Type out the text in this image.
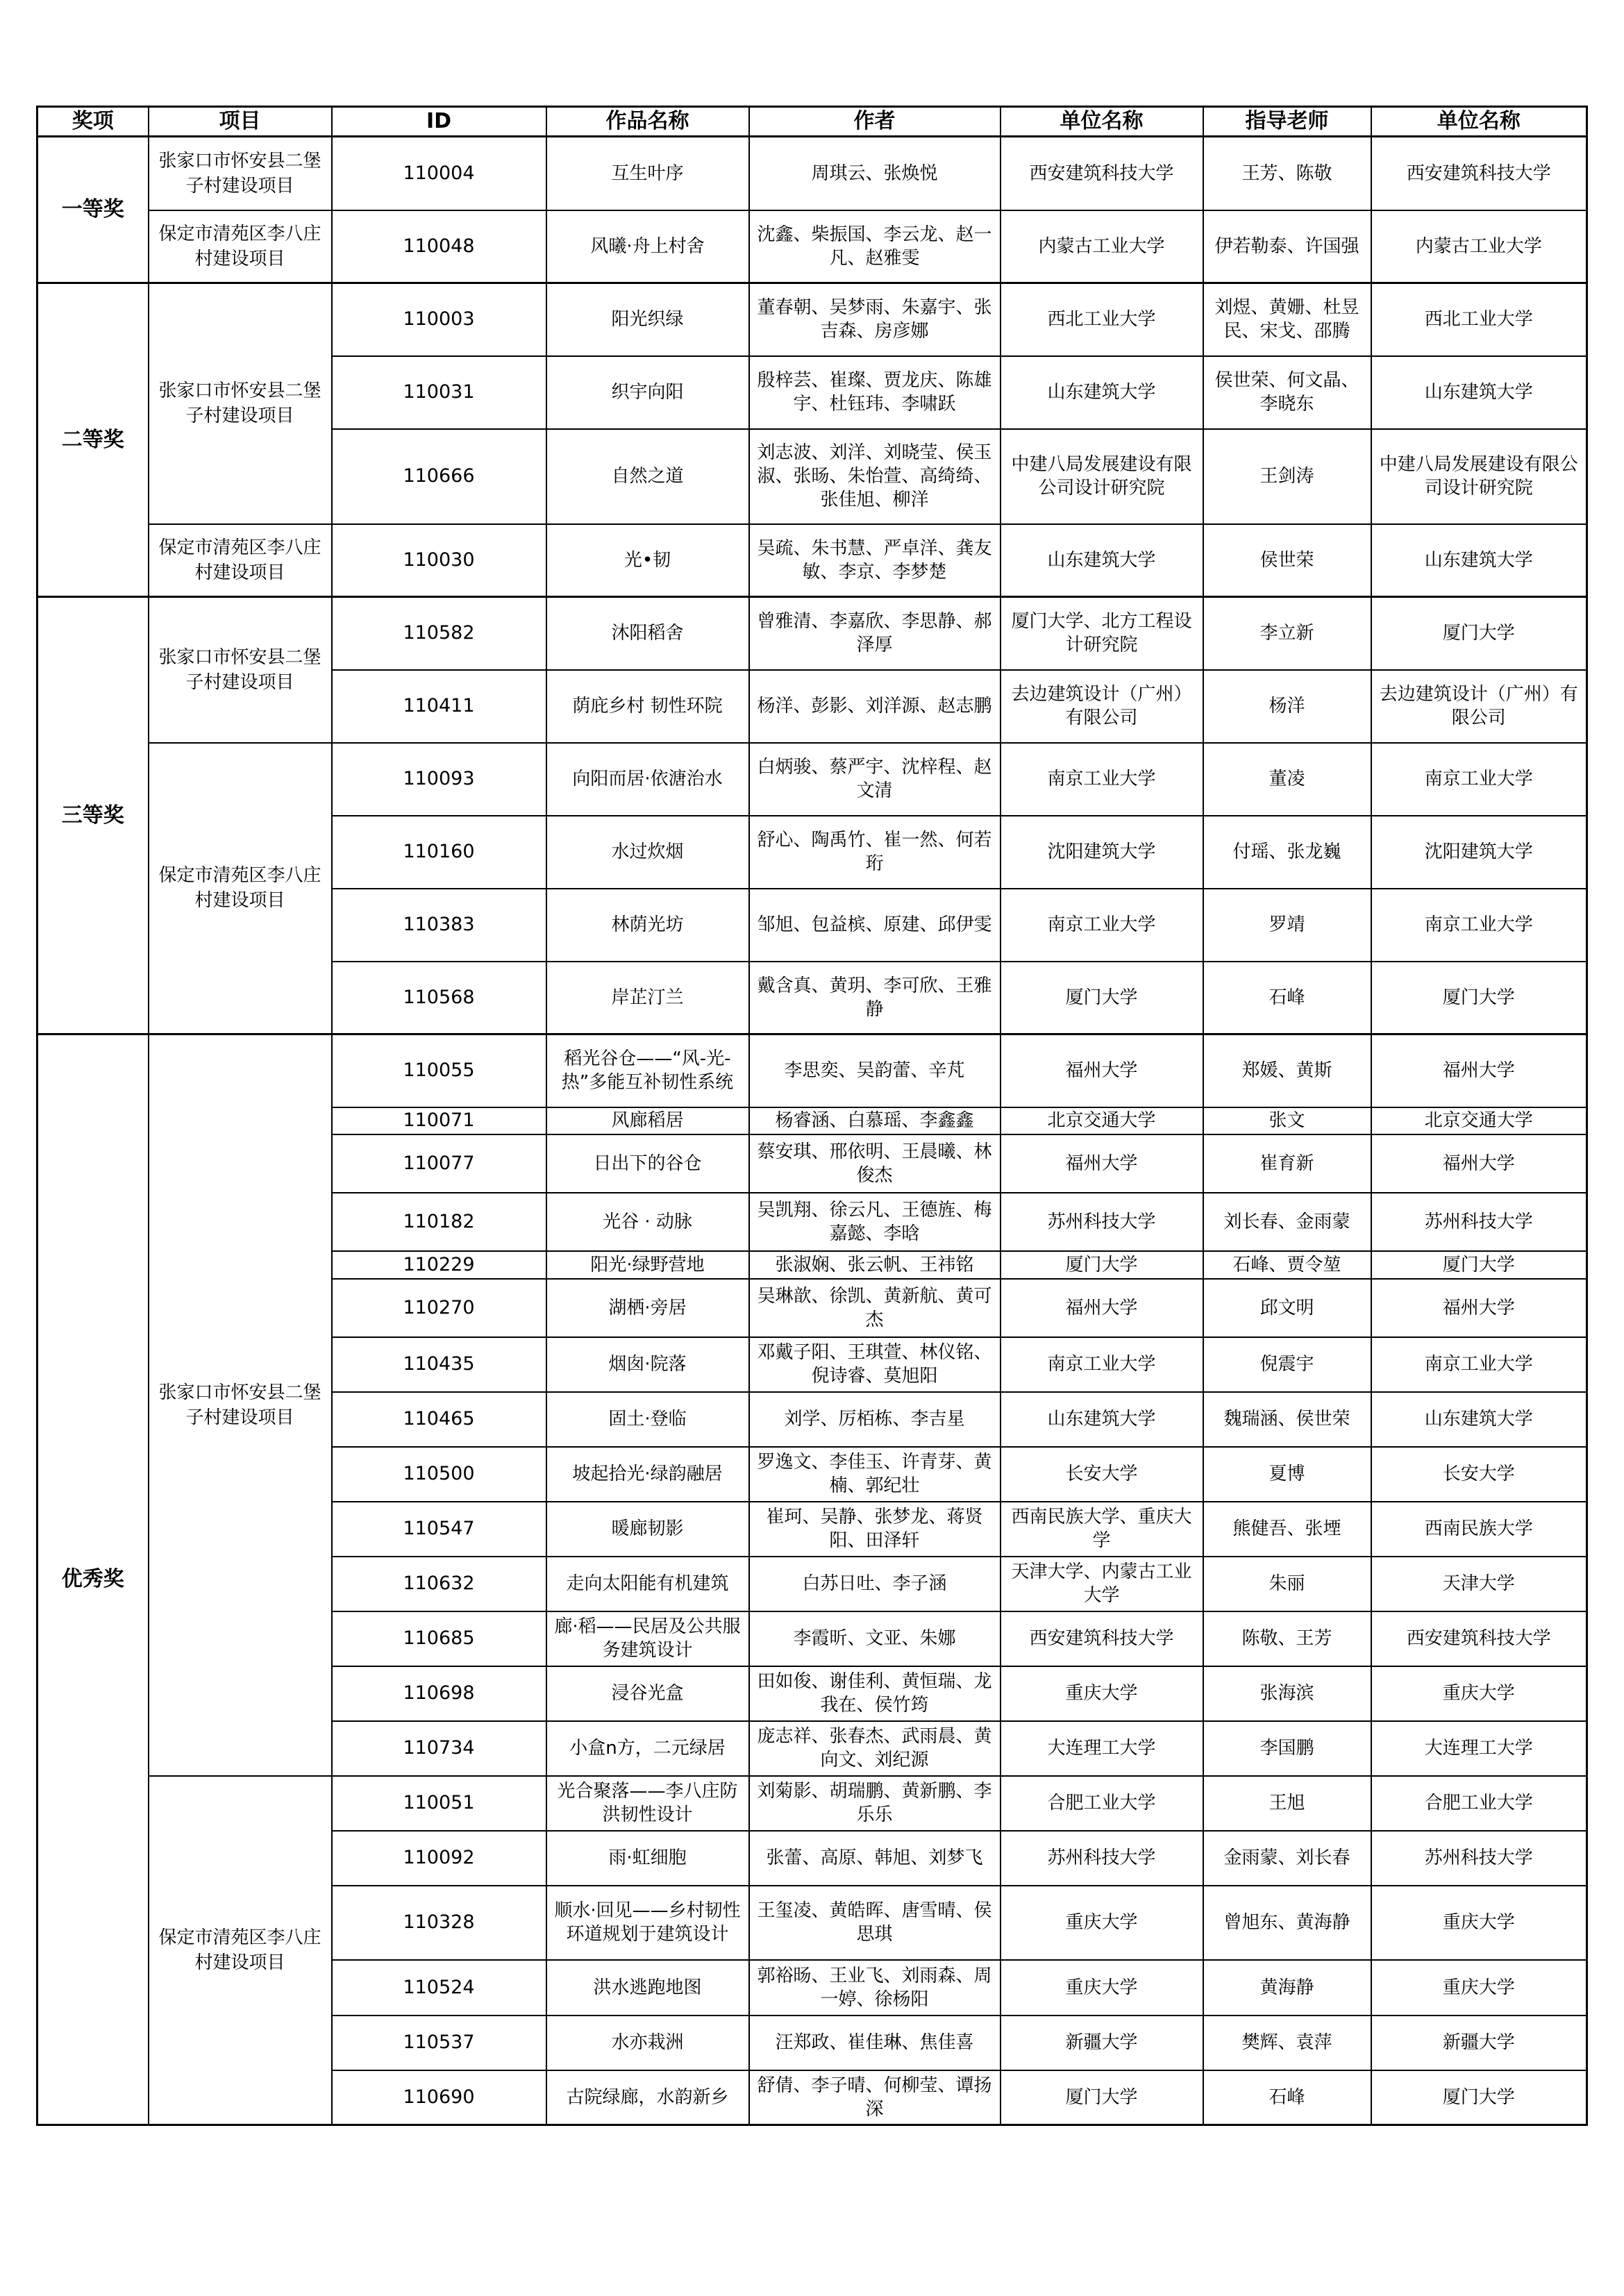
奖项	项目	ID	作品名称	作者	单位名称	指导老师	单位名称
一等奖	张家口市怀安县二堡子村建设项目	110004	互生叶序	周琪云、张焕悦	西安建筑科技大学	王芳、陈敬	西安建筑科技大学
	保定市清苑区李八庄村建设项目	110048	风曦·舟上村舍	沈鑫、柴振国、李云龙、赵一凡、赵雅雯	内蒙古工业大学	伊若勒泰、许国强	内蒙古工业大学
二等奖	张家口市怀安县二堡子村建设项目	110003	阳光织绿	董春朝、吴梦雨、朱嘉宇、张吉森、房彦娜	西北工业大学	刘煜、黄姗、杜昱民、宋戈、邵腾	西北工业大学
		110031	织宇向阳	殷梓芸、崔璨、贾龙庆、陈雄宇、杜钰玮、李啸跃	山东建筑大学	侯世荣、何文晶、李晓东	山东建筑大学
		110666	自然之道	刘志波、刘洋、刘晓莹、侯玉淑、张旸、朱怡萱、高绮绮、张佳旭、柳洋	中建八局发展建设有限公司设计研究院	王剑涛	中建八局发展建设有限公司设计研究院
	保定市清苑区李八庄村建设项目	110030	光•韧	吴疏、朱书慧、严卓洋、龚友敏、李京、李梦楚	山东建筑大学	侯世荣	山东建筑大学
三等奖	张家口市怀安县二堡子村建设项目	110582	沐阳稻舍	曾雅清、李嘉欣、李思静、郝泽厚	厦门大学、北方工程设计研究院	李立新	厦门大学
		110411	荫庇乡村 韧性环院	杨洋、彭影、刘洋源、赵志鹏	去边建筑设计（广州）有限公司	杨洋	去边建筑设计（广州）有限公司
	保定市清苑区李八庄村建设项目	110093	向阳而居·依溏治水	白炳骏、蔡严宇、沈梓程、赵文清	南京工业大学	董凌	南京工业大学
		110160	水过炊烟	舒心、陶禹竹、崔一然、何若珩	沈阳建筑大学	付瑶、张龙巍	沈阳建筑大学
		110383	林荫光坊	邹旭、包益槟、原建、邱伊雯	南京工业大学	罗靖	南京工业大学
		110568	岸芷汀兰	戴含真、黄玥、李可欣、王雅静	厦门大学	石峰	厦门大学
优秀奖	张家口市怀安县二堡子村建设项目	110055	稻光谷仓——“风-光-热”多能互补韧性系统	李思奕、吴韵蕾、辛芃	福州大学	郑媛、黄斯	福州大学
		110071	风廊稻居	杨睿涵、白慕瑶、李鑫鑫	北京交通大学	张文	北京交通大学
		110077	日出下的谷仓	蔡安琪、邢依明、王晨曦、林俊杰	福州大学	崔育新	福州大学
		110182	光谷 · 动脉	吴凯翔、徐云凡、王德旌、梅嘉懿、李晗	苏州科技大学	刘长春、金雨蒙	苏州科技大学
		110229	阳光·绿野营地	张淑娴、张云帆、王祎铭	厦门大学	石峰、贾令堃	厦门大学
		110270	湖栖·旁居	吴琳歆、徐凯、黄新航、黄可杰	福州大学	邱文明	福州大学
		110435	烟囱·院落	邓戴子阳、王琪萱、林仪铭、倪诗睿、莫旭阳	南京工业大学	倪震宇	南京工业大学
		110465	固土·登临	刘学、厉栢栋、李吉星	山东建筑大学	魏瑞涵、侯世荣	山东建筑大学
		110500	坡起拾光·绿韵融居	罗逸文、李佳玉、许青芽、黄楠、郭纪壮	长安大学	夏博	长安大学
		110547	暖廊韧影	崔珂、吴静、张梦龙、蒋贤阳、田泽轩	西南民族大学、重庆大学	熊健吾、张堙	西南民族大学
		110632	走向太阳能有机建筑	白苏日吐、李子涵	天津大学、内蒙古工业大学	朱丽	天津大学
		110685	廊·稻——民居及公共服务建筑设计	李霞昕、文亚、朱娜	西安建筑科技大学	陈敬、王芳	西安建筑科技大学
		110698	浸谷光盒	田如俊、谢佳利、黄恒瑞、龙我在、侯竹筠	重庆大学	张海滨	重庆大学
		110734	小盒n方，二元绿居	庞志祥、张春杰、武雨晨、黄向文、刘纪源	大连理工大学	李国鹏	大连理工大学
	保定市清苑区李八庄村建设项目	110051	光合聚落——李八庄防洪韧性设计	刘菊影、胡瑞鹏、黄新鹏、李乐乐	合肥工业大学	王旭	合肥工业大学
		110092	雨·虹细胞	张蕾、高原、韩旭、刘梦飞	苏州科技大学	金雨蒙、刘长春	苏州科技大学
		110328	顺水·回见——乡村韧性环道规划于建筑设计	王玺凌、黄皓晖、唐雪晴、侯思琪	重庆大学	曾旭东、黄海静	重庆大学
		110524	洪水逃跑地图	郭裕旸、王业飞、刘雨森、周一婷、徐杨阳	重庆大学	黄海静	重庆大学
		110537	水亦栽洲	汪郑政、崔佳琳、焦佳喜	新疆大学	樊辉、袁萍	新疆大学
		110690	古院绿廊，水韵新乡	舒倩、李子晴、何柳莹、谭扬深	厦门大学	石峰	厦门大学
